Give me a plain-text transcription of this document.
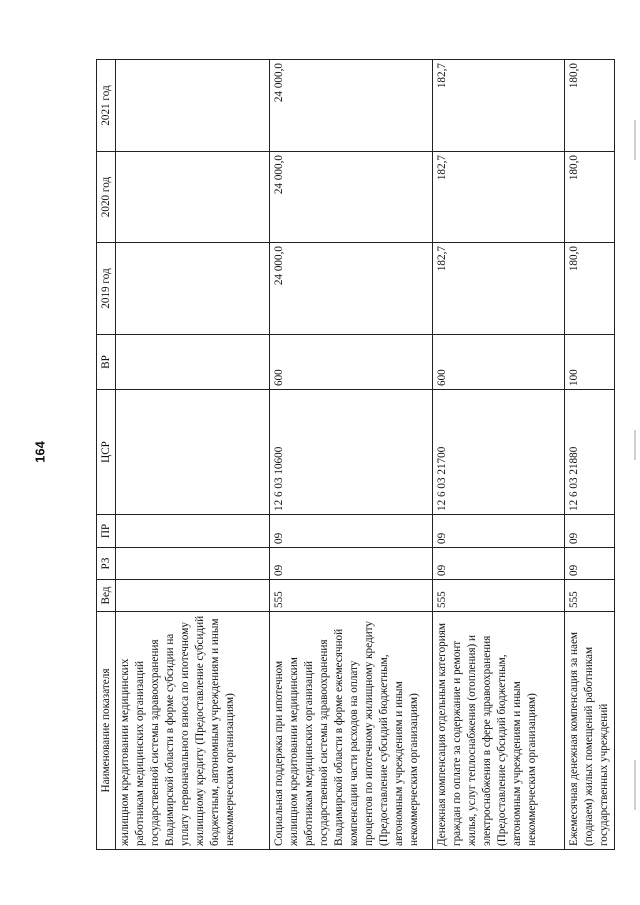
164
Наименование показателя	Вед	РЗ	ПР	ЦСР	ВР	2019 год	2020 год	2021 год
жилищном кредитовании медицинских работникам медицинских организаций государственной системы здравоохранения Владимирской области в форме субсидии на уплату первоначального взноса по ипотечному жилищному кредиту (Предоставление субсидий бюджетным, автономным учреждениям и иным некоммерческим организациям)								
Социальная поддержка при ипотечном жилищном кредитовании медицинским работникам медицинских организаций государственной системы здравоохранения Владимирской области в форме ежемесячной компенсации части расходов на оплату процентов по ипотечному жилищному кредиту (Предоставление субсидий бюджетным, автономным учреждениям и иным некоммерческим организациям)	555	09	09	12 6 03 10600	600	24 000,0	24 000,0	24 000,0
Денежная компенсация отдельным категориям граждан по оплате за содержание и ремонт жилья, услуг теплоснабжения (отопления) и электроснабжения в сфере здравоохранения (Предоставление субсидий бюджетным, автономным учреждениям и иным некоммерческим организациям)	555	09	09	12 6 03 21700	600	182,7	182,7	182,7
Ежемесячная денежная компенсация за наем (поднаем) жилых помещений работникам государственных учреждений	555	09	09	12 6 03 21880	100	180,0	180,0	180,0
